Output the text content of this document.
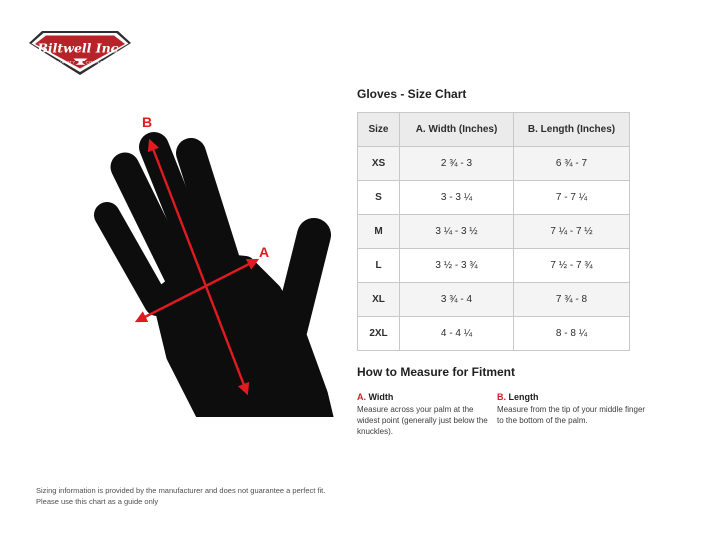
Biltwell Inc.
“QUALITY	COUNTS”
B
A
Gloves - Size Chart
Size	A. Width (Inches)	B. Length (Inches)
XS	2 ¾ - 3	6 ¾ - 7
S	3 - 3 ¼	7 - 7 ¼
M	3 ¼ - 3 ½	7 ¼ - 7 ½
L	3 ½ - 3 ¾	7 ½ - 7 ¾
XL	3 ¾ - 4	7 ¾ - 8
2XL	4 - 4 ¼	8 - 8 ¼
How to Measure for Fitment
A. Width
Measure across your palm at the widest point (generally just below the knuckles).
B. Length
Measure from the tip of your middle finger to the bottom of the palm.
Sizing information is provided by the manufacturer and does not guarantee a perfect fit.
Please use this chart as a guide only
